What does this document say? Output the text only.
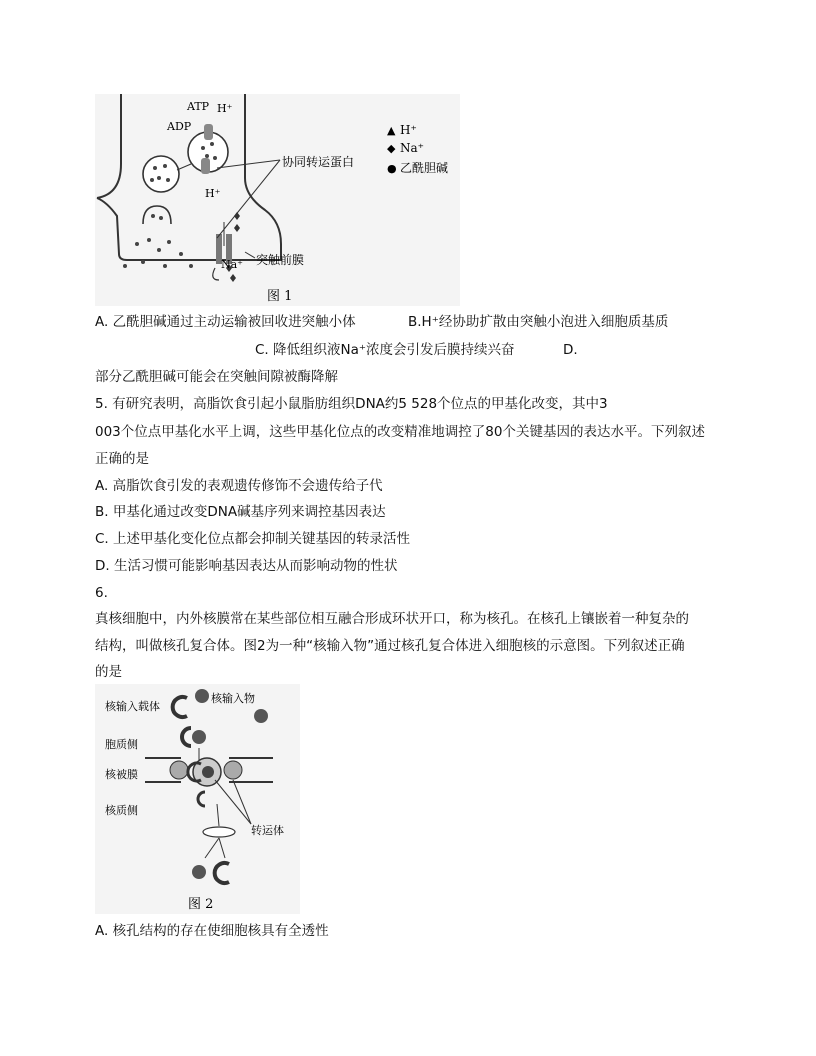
ATP
ADP
H⁺
H⁺
Na⁺
协同转运蛋白
突触前膜
▲ H⁺
◆ Na⁺
● 乙酰胆碱
图 1
A. 乙酰胆碱通过主动运输被回收进突触小体	B.H⁺经协助扩散由突触小泡进入细胞质基质
C. 降低组织液Na⁺浓度会引发后膜持续兴奋	D.
部分乙酰胆碱可能会在突触间隙被酶降解
5. 有研究表明，高脂饮食引起小鼠脂肪组织DNA约5 528个位点的甲基化改变，其中3
003个位点甲基化水平上调，这些甲基化位点的改变精准地调控了80个关键基因的表达水平。下列叙述
正确的是
A. 高脂饮食引发的表观遗传修饰不会遗传给子代
B. 甲基化通过改变DNA碱基序列来调控基因表达
C. 上述甲基化变化位点都会抑制关键基因的转录活性
D. 生活习惯可能影响基因表达从而影响动物的性状
6.
真核细胞中，内外核膜常在某些部位相互融合形成环状开口，称为核孔。在核孔上镶嵌着一种复杂的
结构，叫做核孔复合体。图2为一种“核输入物”通过核孔复合体进入细胞核的示意图。下列叙述正确
的是
核输入载体
核输入物
胞质侧
核被膜
核质侧
转运体
图 2
A. 核孔结构的存在使细胞核具有全透性
